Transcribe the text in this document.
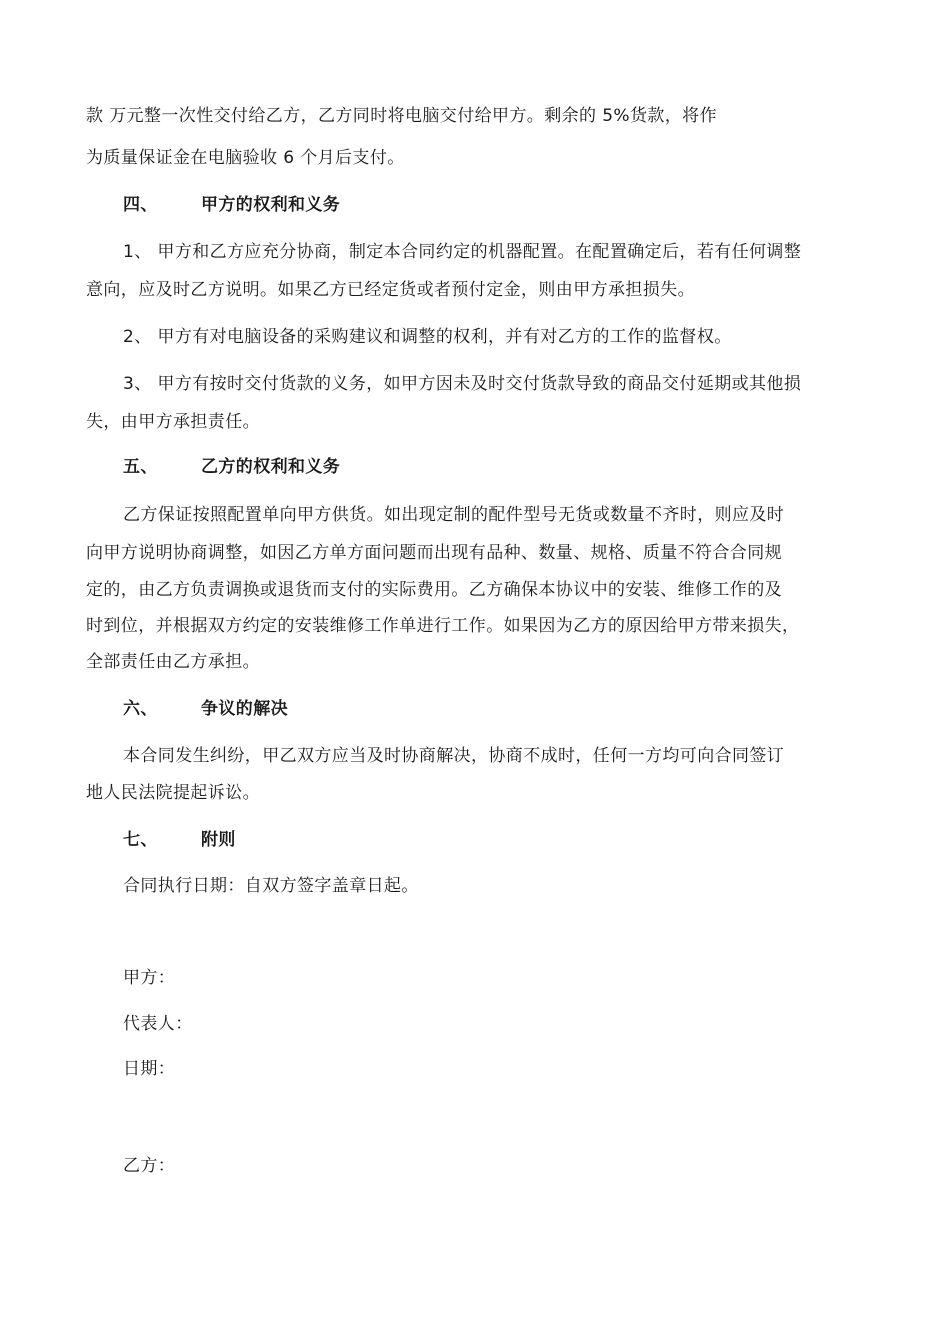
款 万元整一次性交付给乙方，乙方同时将电脑交付给甲方。剩余的 5%货款，将作
为质量保证金在电脑验收 6 个月后支付。
四、	甲方的权利和义务
1、 甲方和乙方应充分协商，制定本合同约定的机器配置。在配置确定后，若有任何调整
意向，应及时乙方说明。如果乙方已经定货或者预付定金，则由甲方承担损失。
2、 甲方有对电脑设备的采购建议和调整的权利，并有对乙方的工作的监督权。
3、 甲方有按时交付货款的义务，如甲方因未及时交付货款导致的商品交付延期或其他损
失，由甲方承担责任。
五、	乙方的权利和义务
乙方保证按照配置单向甲方供货。如出现定制的配件型号无货或数量不齐时，则应及时
向甲方说明协商调整，如因乙方单方面问题而出现有品种、数量、规格、质量不符合合同规
定的，由乙方负责调换或退货而支付的实际费用。乙方确保本协议中的安装、维修工作的及
时到位，并根据双方约定的安装维修工作单进行工作。如果因为乙方的原因给甲方带来损失，
全部责任由乙方承担。
六、	争议的解决
本合同发生纠纷，甲乙双方应当及时协商解决，协商不成时，任何一方均可向合同签订
地人民法院提起诉讼。
七、	附则
合同执行日期：自双方签字盖章日起。
甲方：
代表人：
日期：
乙方：
